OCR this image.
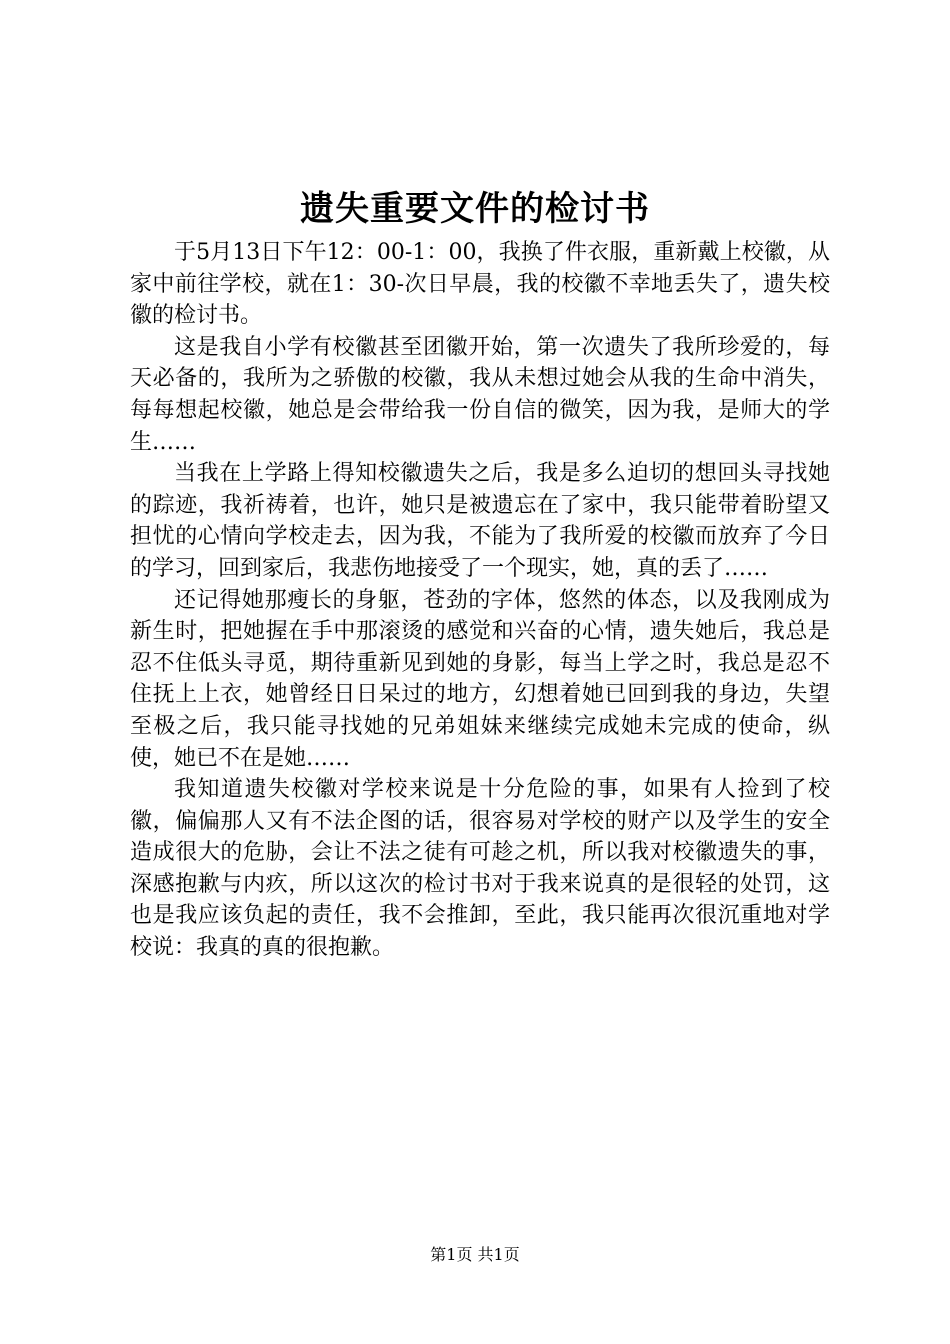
遗失重要文件的检讨书

于5月13日下午12：00-1：00，我换了件衣服，重新戴上校徽，从家中前往学校，就在1：30-次日早晨，我的校徽不幸地丢失了，遗失校徽的检讨书。

这是我自小学有校徽甚至团徽开始，第一次遗失了我所珍爱的，每天必备的，我所为之骄傲的校徽，我从未想过她会从我的生命中消失，每每想起校徽，她总是会带给我一份自信的微笑，因为我，是师大的学生……

当我在上学路上得知校徽遗失之后，我是多么迫切的想回头寻找她的踪迹，我祈祷着，也许，她只是被遗忘在了家中，我只能带着盼望又担忧的心情向学校走去，因为我，不能为了我所爱的校徽而放弃了今日的学习，回到家后，我悲伤地接受了一个现实，她，真的丢了……

还记得她那瘦长的身躯，苍劲的字体，悠然的体态，以及我刚成为新生时，把她握在手中那滚烫的感觉和兴奋的心情，遗失她后，我总是忍不住低头寻觅，期待重新见到她的身影，每当上学之时，我总是忍不住抚上上衣，她曾经日日呆过的地方，幻想着她已回到我的身边，失望至极之后，我只能寻找她的兄弟姐妹来继续完成她未完成的使命，纵使，她已不在是她……

我知道遗失校徽对学校来说是十分危险的事，如果有人捡到了校徽，偏偏那人又有不法企图的话，很容易对学校的财产以及学生的安全造成很大的危胁，会让不法之徒有可趁之机，所以我对校徽遗失的事，深感抱歉与内疚，所以这次的检讨书对于我来说真的是很轻的处罚，这也是我应该负起的责任，我不会推卸，至此，我只能再次很沉重地对学校说：我真的真的很抱歉。

第1页 共1页
